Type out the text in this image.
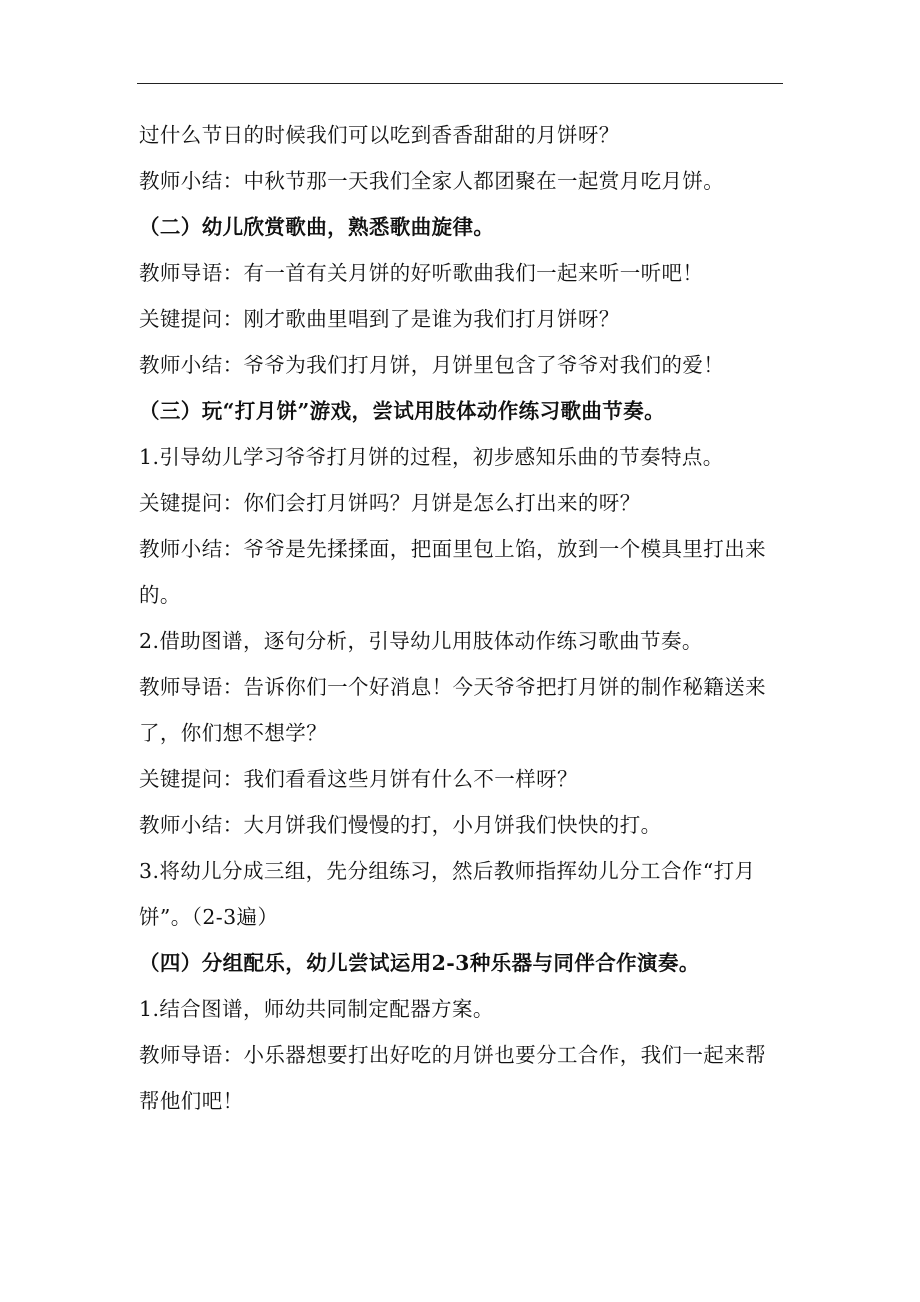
过什么节日的时候我们可以吃到香香甜甜的月饼呀？
教师小结：中秋节那一天我们全家人都团聚在一起赏月吃月饼。
（二）幼儿欣赏歌曲，熟悉歌曲旋律。
教师导语：有一首有关月饼的好听歌曲我们一起来听一听吧！
关键提问：刚才歌曲里唱到了是谁为我们打月饼呀？
教师小结：爷爷为我们打月饼，月饼里包含了爷爷对我们的爱！
（三）玩“打月饼”游戏，尝试用肢体动作练习歌曲节奏。
1.引导幼儿学习爷爷打月饼的过程，初步感知乐曲的节奏特点。
关键提问：你们会打月饼吗？月饼是怎么打出来的呀？
教师小结：爷爷是先揉揉面，把面里包上馅，放到一个模具里打出来
的。
2.借助图谱，逐句分析，引导幼儿用肢体动作练习歌曲节奏。
教师导语：告诉你们一个好消息！今天爷爷把打月饼的制作秘籍送来
了，你们想不想学？
关键提问：我们看看这些月饼有什么不一样呀？
教师小结：大月饼我们慢慢的打，小月饼我们快快的打。
3.将幼儿分成三组，先分组练习，然后教师指挥幼儿分工合作“打月
饼”。（2-3遍）
（四）分组配乐，幼儿尝试运用2-3种乐器与同伴合作演奏。
1.结合图谱，师幼共同制定配器方案。
教师导语：小乐器想要打出好吃的月饼也要分工合作，我们一起来帮
帮他们吧！
